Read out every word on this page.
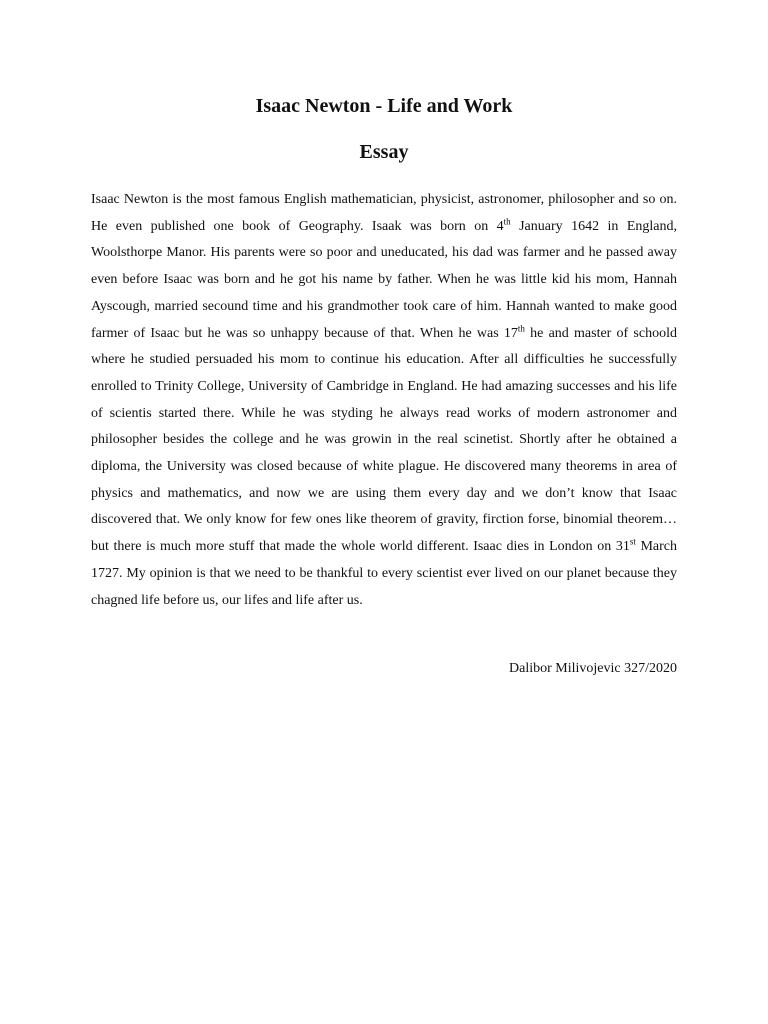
Isaac Newton - Life and Work
Essay

Isaac Newton is the most famous English mathematician, physicist, astronomer, philosopher and so on. He even published one book of Geography. Isaak was born on 4th January 1642 in England, Woolsthorpe Manor. His parents were so poor and uneducated, his dad was farmer and he passed away even before Isaac was born and he got his name by father. When he was little kid his mom, Hannah Ayscough, married secound time and his grandmother took care of him. Hannah wanted to make good farmer of Isaac but he was so unhappy because of that. When he was 17th he and master of schoold where he studied persuaded his mom to continue his education. After all difficulties he successfully enrolled to Trinity College, University of Cambridge in England. He had amazing successes and his life of scientis started there. While he was styding he always read works of modern astronomer and philosopher besides the college and he was growin in the real scinetist. Shortly after he obtained a diploma, the University was closed because of white plague. He discovered many theorems in area of physics and mathematics, and now we are using them every day and we don’t know that Isaac discovered that. We only know for few ones like theorem of gravity, firction forse, binomial theorem… but there is much more stuff that made the whole world different. Isaac dies in London on 31st March 1727. My opinion is that we need to be thankful to every scientist ever lived on our planet because they chagned life before us, our lifes and life after us.

Dalibor Milivojevic 327/2020
